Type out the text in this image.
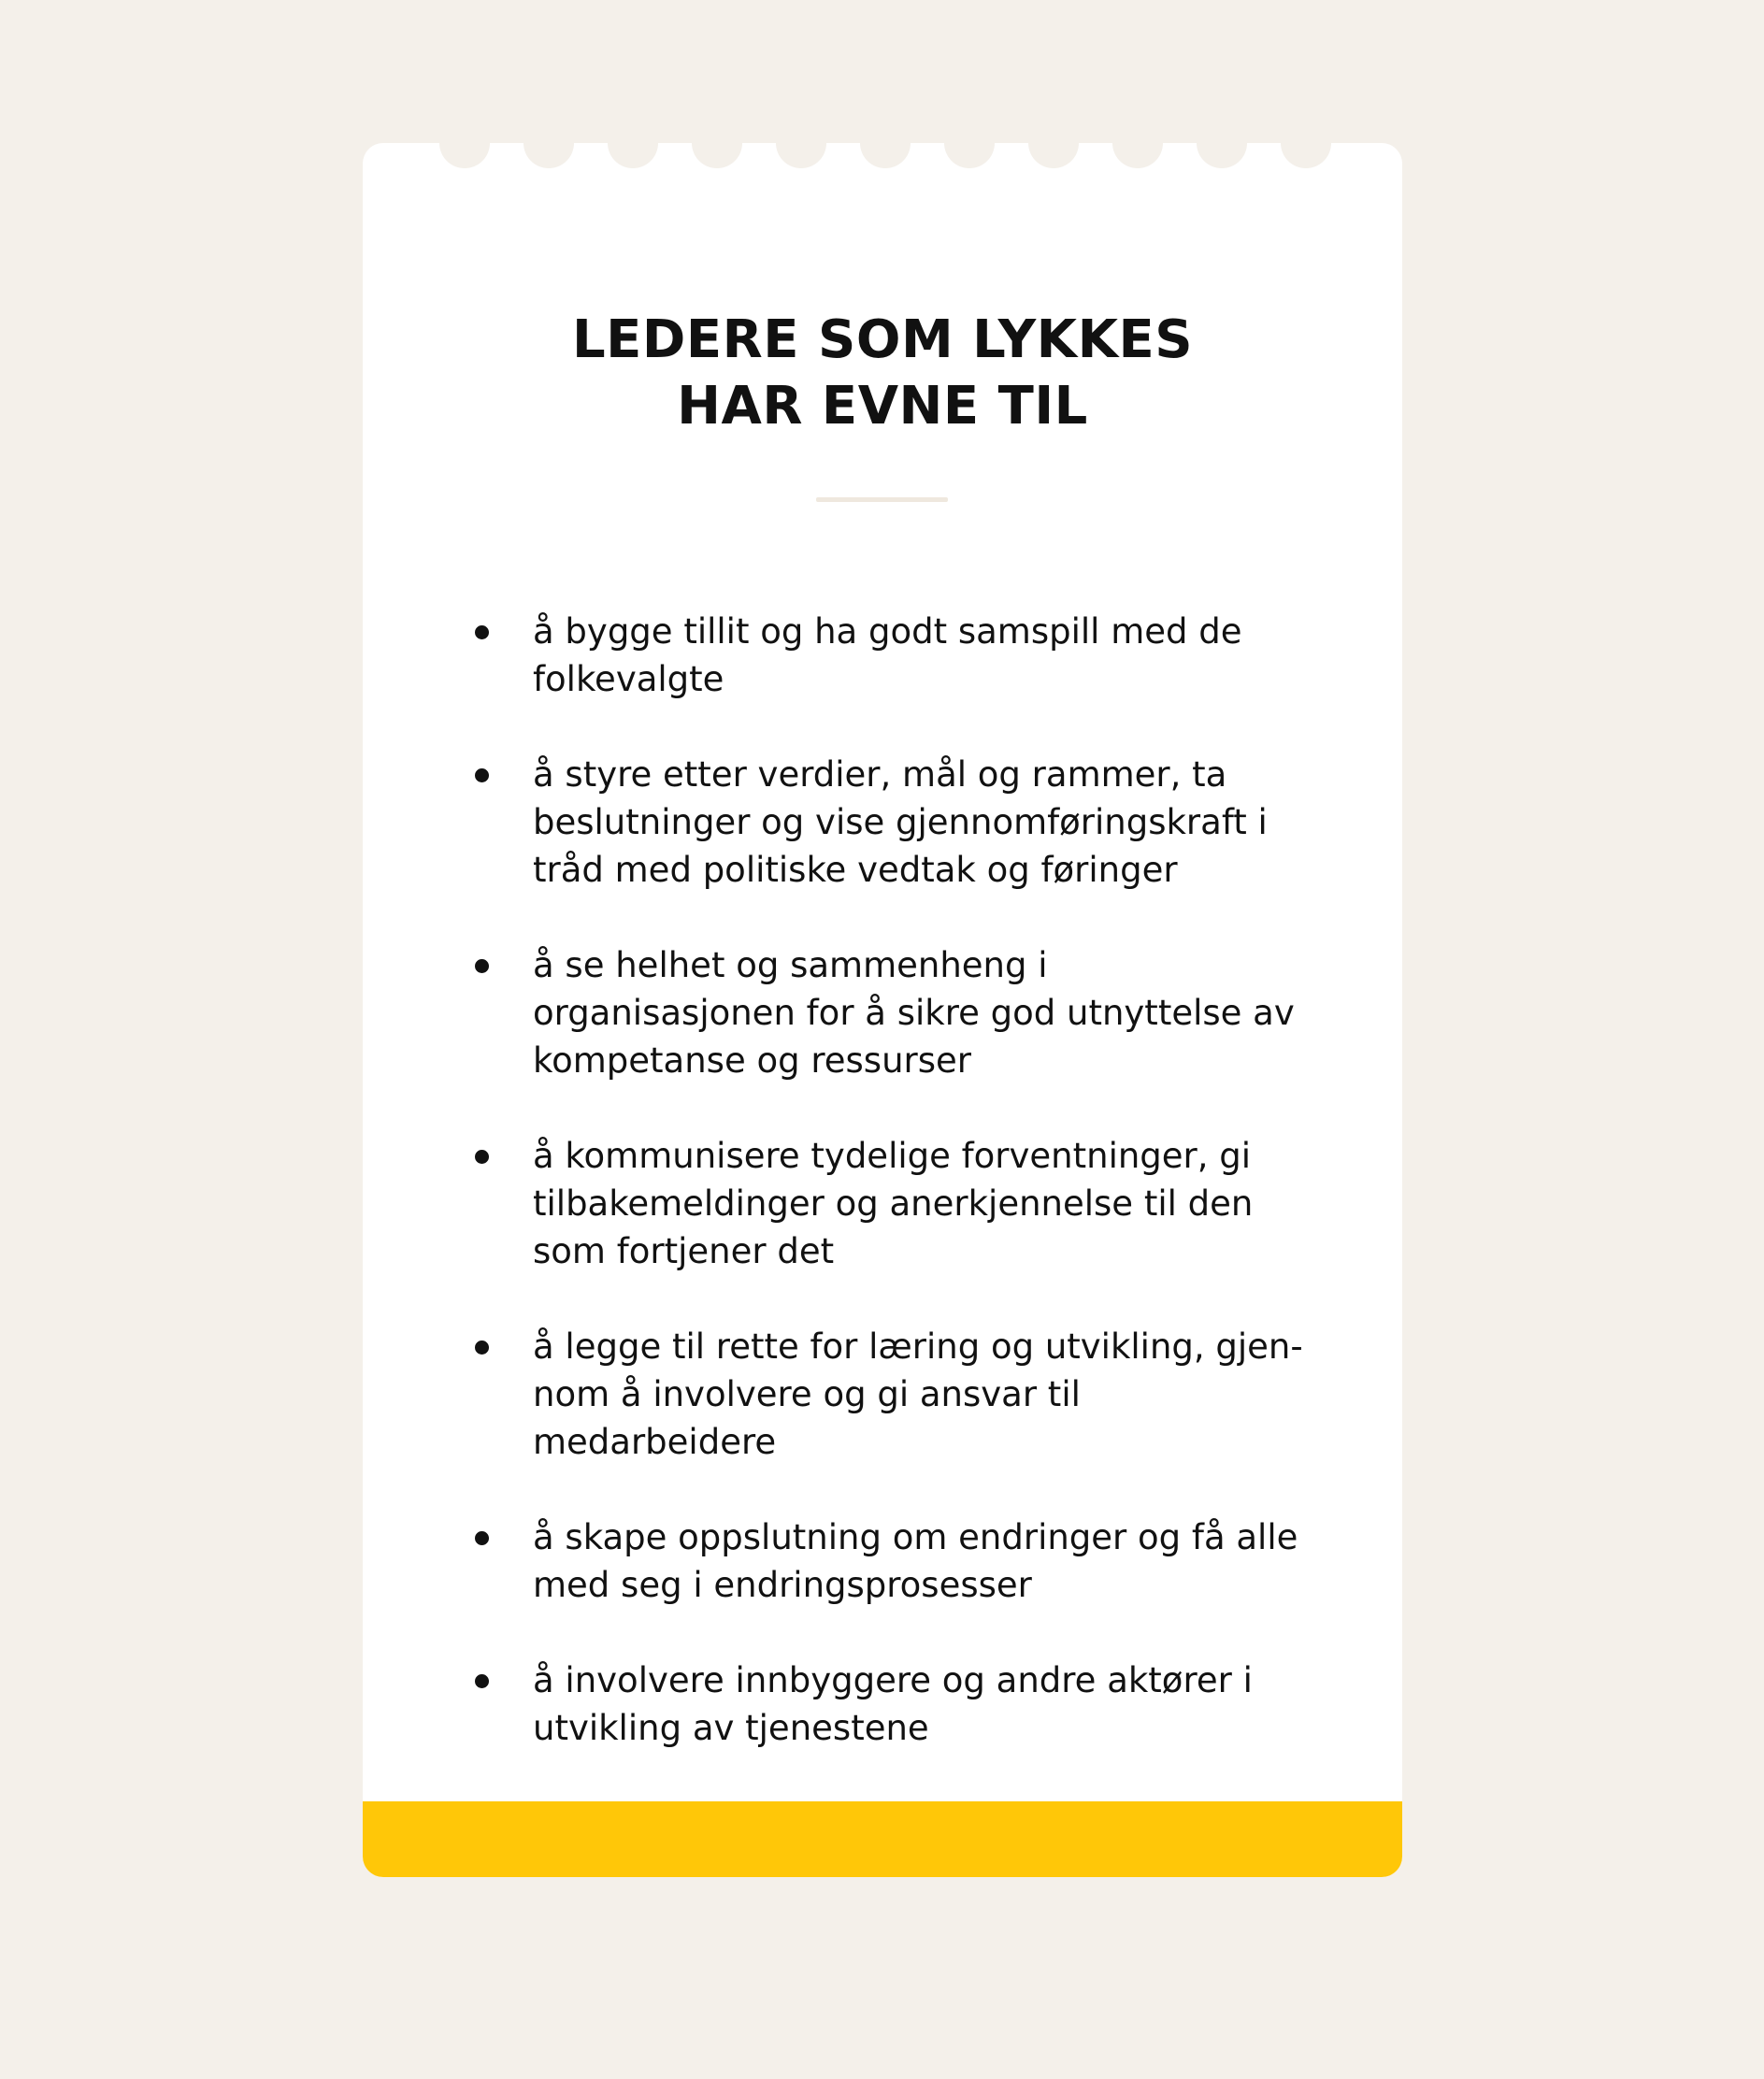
LEDERE SOM LYKKES
HAR EVNE TIL
å bygge tillit og ha godt samspill med de folkevalgte
å styre etter verdier, mål og rammer, ta beslutninger og vise gjennomføringskraft i tråd med politiske vedtak og føringer
å se helhet og sammenheng i organisasjonen for å sikre god utnyttelse av kompetanse og ressurser
å kommunisere tydelige forventninger, gi tilbakemeldinger og anerkjennelse til den som fortjener det
å legge til rette for læring og utvikling, gjen-nom å involvere og gi ansvar til medarbeidere
å skape oppslutning om endringer og få alle med seg i endringsprosesser
å involvere innbyggere og andre aktører i utvikling av tjenestene
